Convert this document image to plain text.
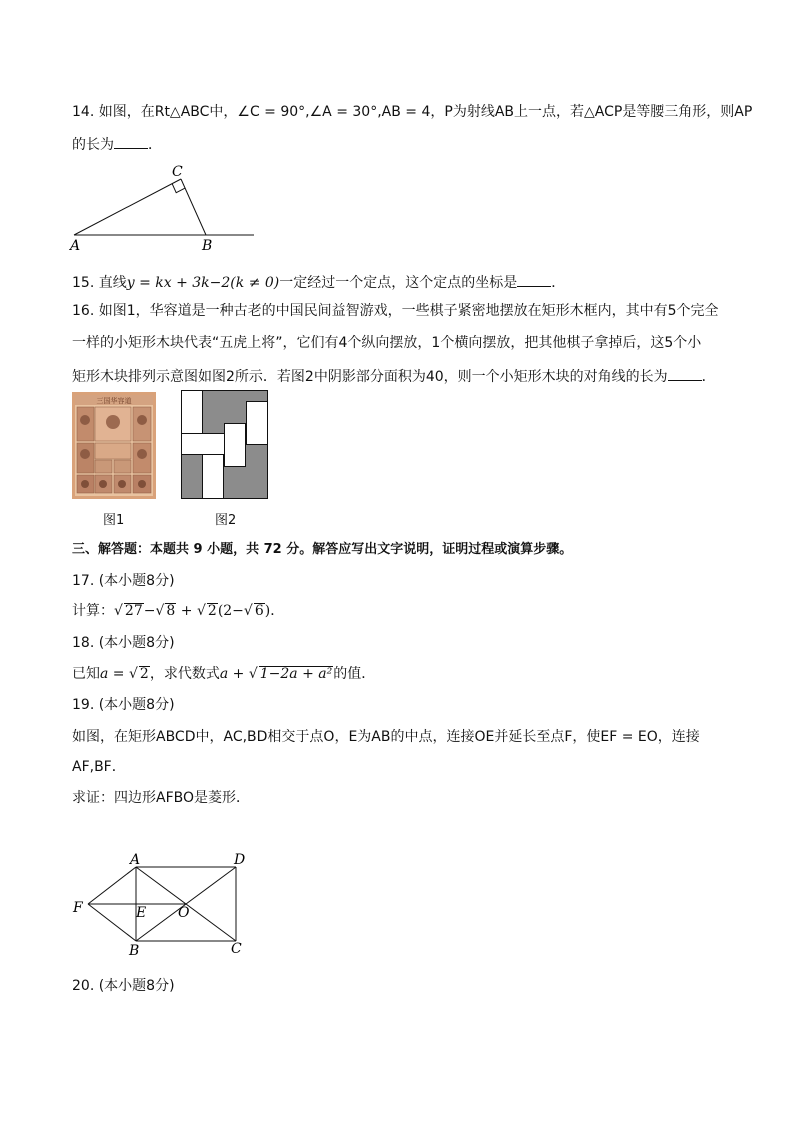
14. 如图，在Rt△ABC中，∠C = 90°,∠A = 30°,AB = 4，P为射线AB上一点，若△ACP是等腰三角形，则AP
的长为 ．
A	B
C
15. 直线y = kx + 3k−2(k ≠ 0)一定经过一个定点，这个定点的坐标是 ．
16. 如图1，华容道是一种古老的中国民间益智游戏，一些棋子紧密地摆放在矩形木框内，其中有5个完全
一样的小矩形木块代表“五虎上将”，它们有4个纵向摆放，1个横向摆放，把其他棋子拿掉后，这5个小
矩形木块排列示意图如图2所示．若图2中阴影部分面积为40，则一个小矩形木块的对角线的长为 ．
三国华容道
图1	图2
三、解答题：本题共 9 小题，共 72 分。解答应写出文字说明，证明过程或演算步骤。
17. (本小题8分)
计算：√ 27−√ 8 + √ 2(2−√ 6)．
18. (本小题8分)
已知a = √ 2，求代数式a + √ 1−2a + a²的值．
19. (本小题8分)
如图，在矩形ABCD中，AC,BD相交于点O，E为AB的中点，连接OE并延长至点F，使EF = EO，连接
AF,BF．
求证：四边形AFBO是菱形．
A	D
B	C
F	E O
20. (本小题8分)
